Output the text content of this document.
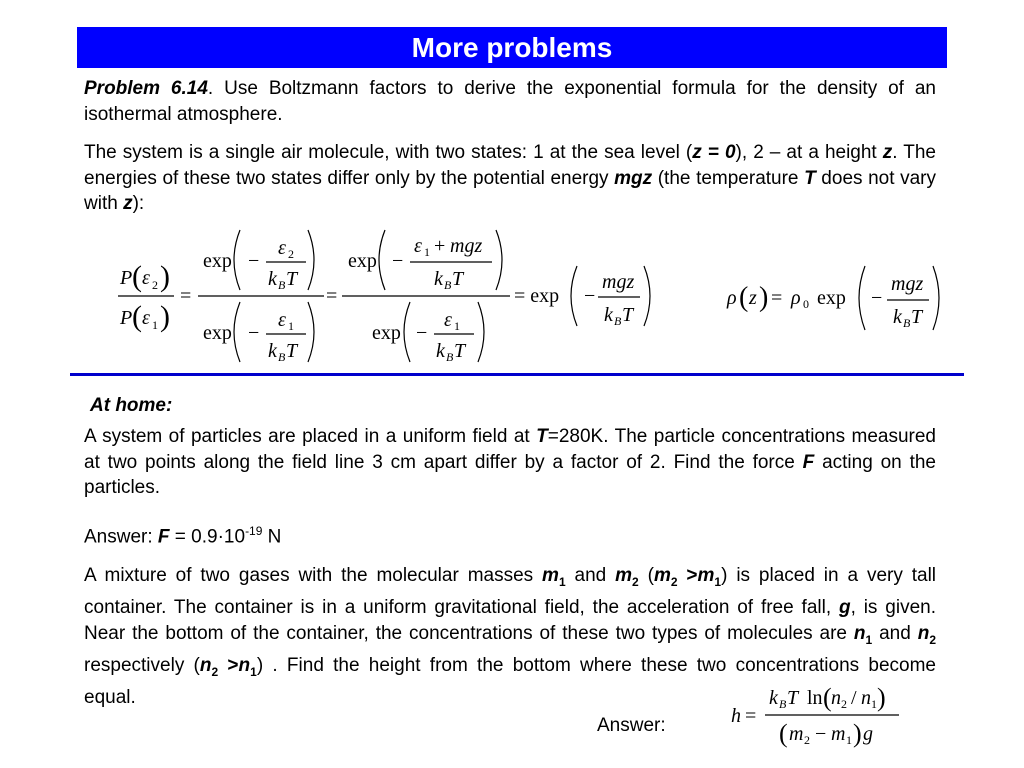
More problems
Problem 6.14. Use Boltzmann factors to derive the exponential formula for the density of an isothermal atmosphere.
The system is a single air molecule, with two states: 1 at the sea level (z = 0), 2 – at a height z. The energies of these two states differ only by the potential energy mgz (the temperature T does not vary with z):
P ( ε 2 )
P ( ε 1 )
=
exp −
ε 2
k B T
exp −
ε 1
k B T
=
exp −
ε 1 + mgz
k B T
exp −
ε 1
k B T
= exp −
mgz
k B T
ρ ( z ) = ρ 0 exp −
mgz
k B T
At home:
A system of particles are placed in a uniform field at T=280K. The particle concentrations measured at two points along the field line 3 cm apart differ by a factor of 2. Find the force F acting on the particles.
Answer: $F = 0.9\cdot 10^{-19}$ N
A mixture of two gases with the molecular masses $m_1$ and $m_2$ $(m_2 >m_1)$ is placed in a very tall container. The container is in a uniform gravitational field, the acceleration of free fall, g, is given. Near the bottom of the container, the concentrations of these two types of molecules are $n_1$ and $n_2$ respectively $(n_2 >n_1)$ . Find the height from the bottom where these two concentrations become equal.
Answer:	h =
k B T ln ( n 2 / n 1 )
( m 2 − m 1 ) g
